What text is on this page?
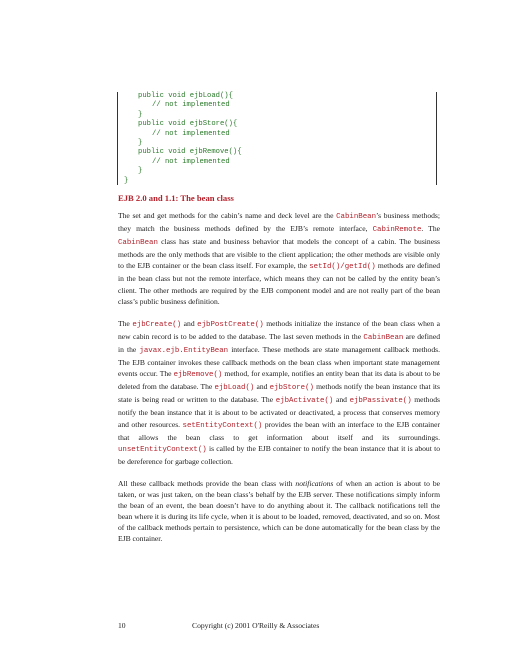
public void ejbLoad(){
// not implemented
}
public void ejbStore(){
// not implemented
}
public void ejbRemove(){
// not implemented
}
}
EJB 2.0 and 1.1: The bean class

The set and get methods for the cabin’s name and deck level are the CabinBean’s business methods; they match the business methods defined by the EJB’s remote interface, CabinRemote. The CabinBean class has state and business behavior that models the concept of a cabin. The business methods are the only methods that are visible to the client application; the other methods are visible only to the EJB container or the bean class itself. For example, the setId()/getId() methods are defined in the bean class but not the remote interface, which means they can not be called by the entity bean’s client. The other methods are required by the EJB component model and are not really part of the bean class’s public business definition.

The ejbCreate() and ejbPostCreate() methods initialize the instance of the bean class when a new cabin record is to be added to the database. The last seven methods in the CabinBean are defined in the javax.ejb.EntityBean interface. These methods are state management callback methods. The EJB container invokes these callback methods on the bean class when important state management events occur. The ejbRemove() method, for example, notifies an entity bean that its data is about to be deleted from the database. The ejbLoad() and ejbStore() methods notify the bean instance that its state is being read or written to the database. The ejbActivate() and ejbPassivate() methods notify the bean instance that it is about to be activated or deactivated, a process that conserves memory and other resources. setEntityContext() provides the bean with an interface to the EJB container that allows the bean class to get information about itself and its surroundings. unsetEntityContext() is called by the EJB container to notify the bean instance that it is about to be dereference for garbage collection.

All these callback methods provide the bean class with notifications of when an action is about to be taken, or was just taken, on the bean class’s behalf by the EJB server. These notifications simply inform the bean of an event, the bean doesn’t have to do anything about it. The callback notifications tell the bean where it is during its life cycle, when it is about to be loaded, removed, deactivated, and so on. Most of the callback methods pertain to persistence, which can be done automatically for the bean class by the EJB container.

10	Copyright (c) 2001 O'Reilly & Associates
